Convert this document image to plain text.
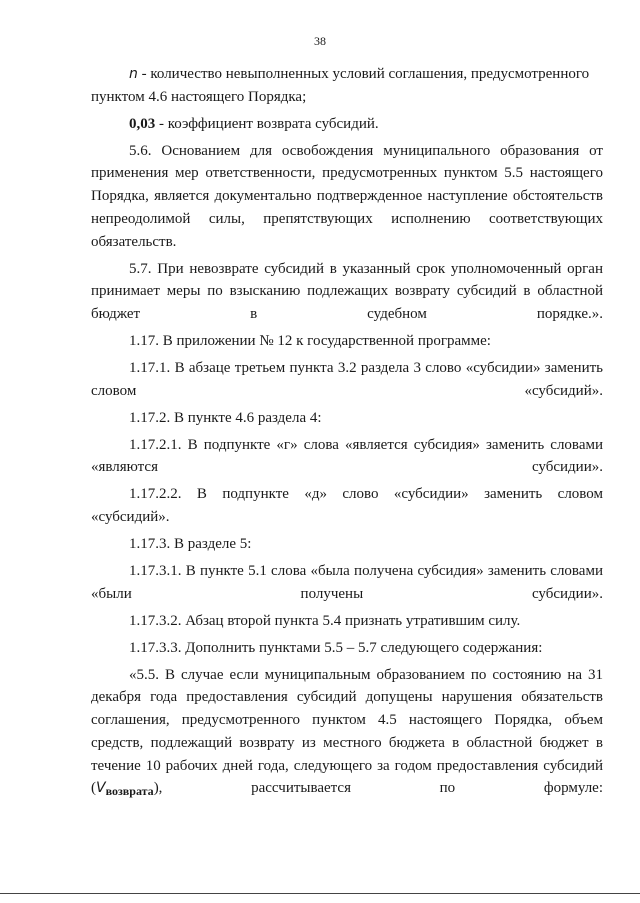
38

n - количество невыполненных условий соглашения, предусмотренного пунктом 4.6 настоящего Порядка;

0,03 - коэффициент возврата субсидий.

5.6. Основанием для освобождения муниципального образования от применения мер ответственности, предусмотренных пунктом 5.5 настоящего Порядка, является документально подтвержденное наступление обстоятельств непреодолимой силы, препятствующих исполнению соответствующих обязательств.

5.7. При невозврате субсидий в указанный срок уполномоченный орган принимает меры по взысканию подлежащих возврату субсидий в областной бюджет в судебном порядке.».

1.17. В приложении № 12 к государственной программе:

1.17.1. В абзаце третьем пункта 3.2 раздела 3 слово «субсидии» заменить словом «субсидий».

1.17.2. В пункте 4.6 раздела 4:

1.17.2.1. В подпункте «г» слова «является субсидия» заменить словами «являются субсидии».

1.17.2.2. В подпункте «д» слово «субсидии» заменить словом «субсидий».

1.17.3. В разделе 5:

1.17.3.1. В пункте 5.1 слова «была получена субсидия» заменить словами «были получены субсидии».

1.17.3.2. Абзац второй пункта 5.4 признать утратившим силу.

1.17.3.3. Дополнить пунктами 5.5 – 5.7 следующего содержания:

«5.5. В случае если муниципальным образованием по состоянию на 31 декабря года предоставления субсидий допущены нарушения обязательств соглашения, предусмотренного пунктом 4.5 настоящего Порядка, объем средств, подлежащий возврату из местного бюджета в областной бюджет в течение 10 рабочих дней года, следующего за годом предоставления субсидий $(V_{возврата})$, рассчитывается по формуле:
